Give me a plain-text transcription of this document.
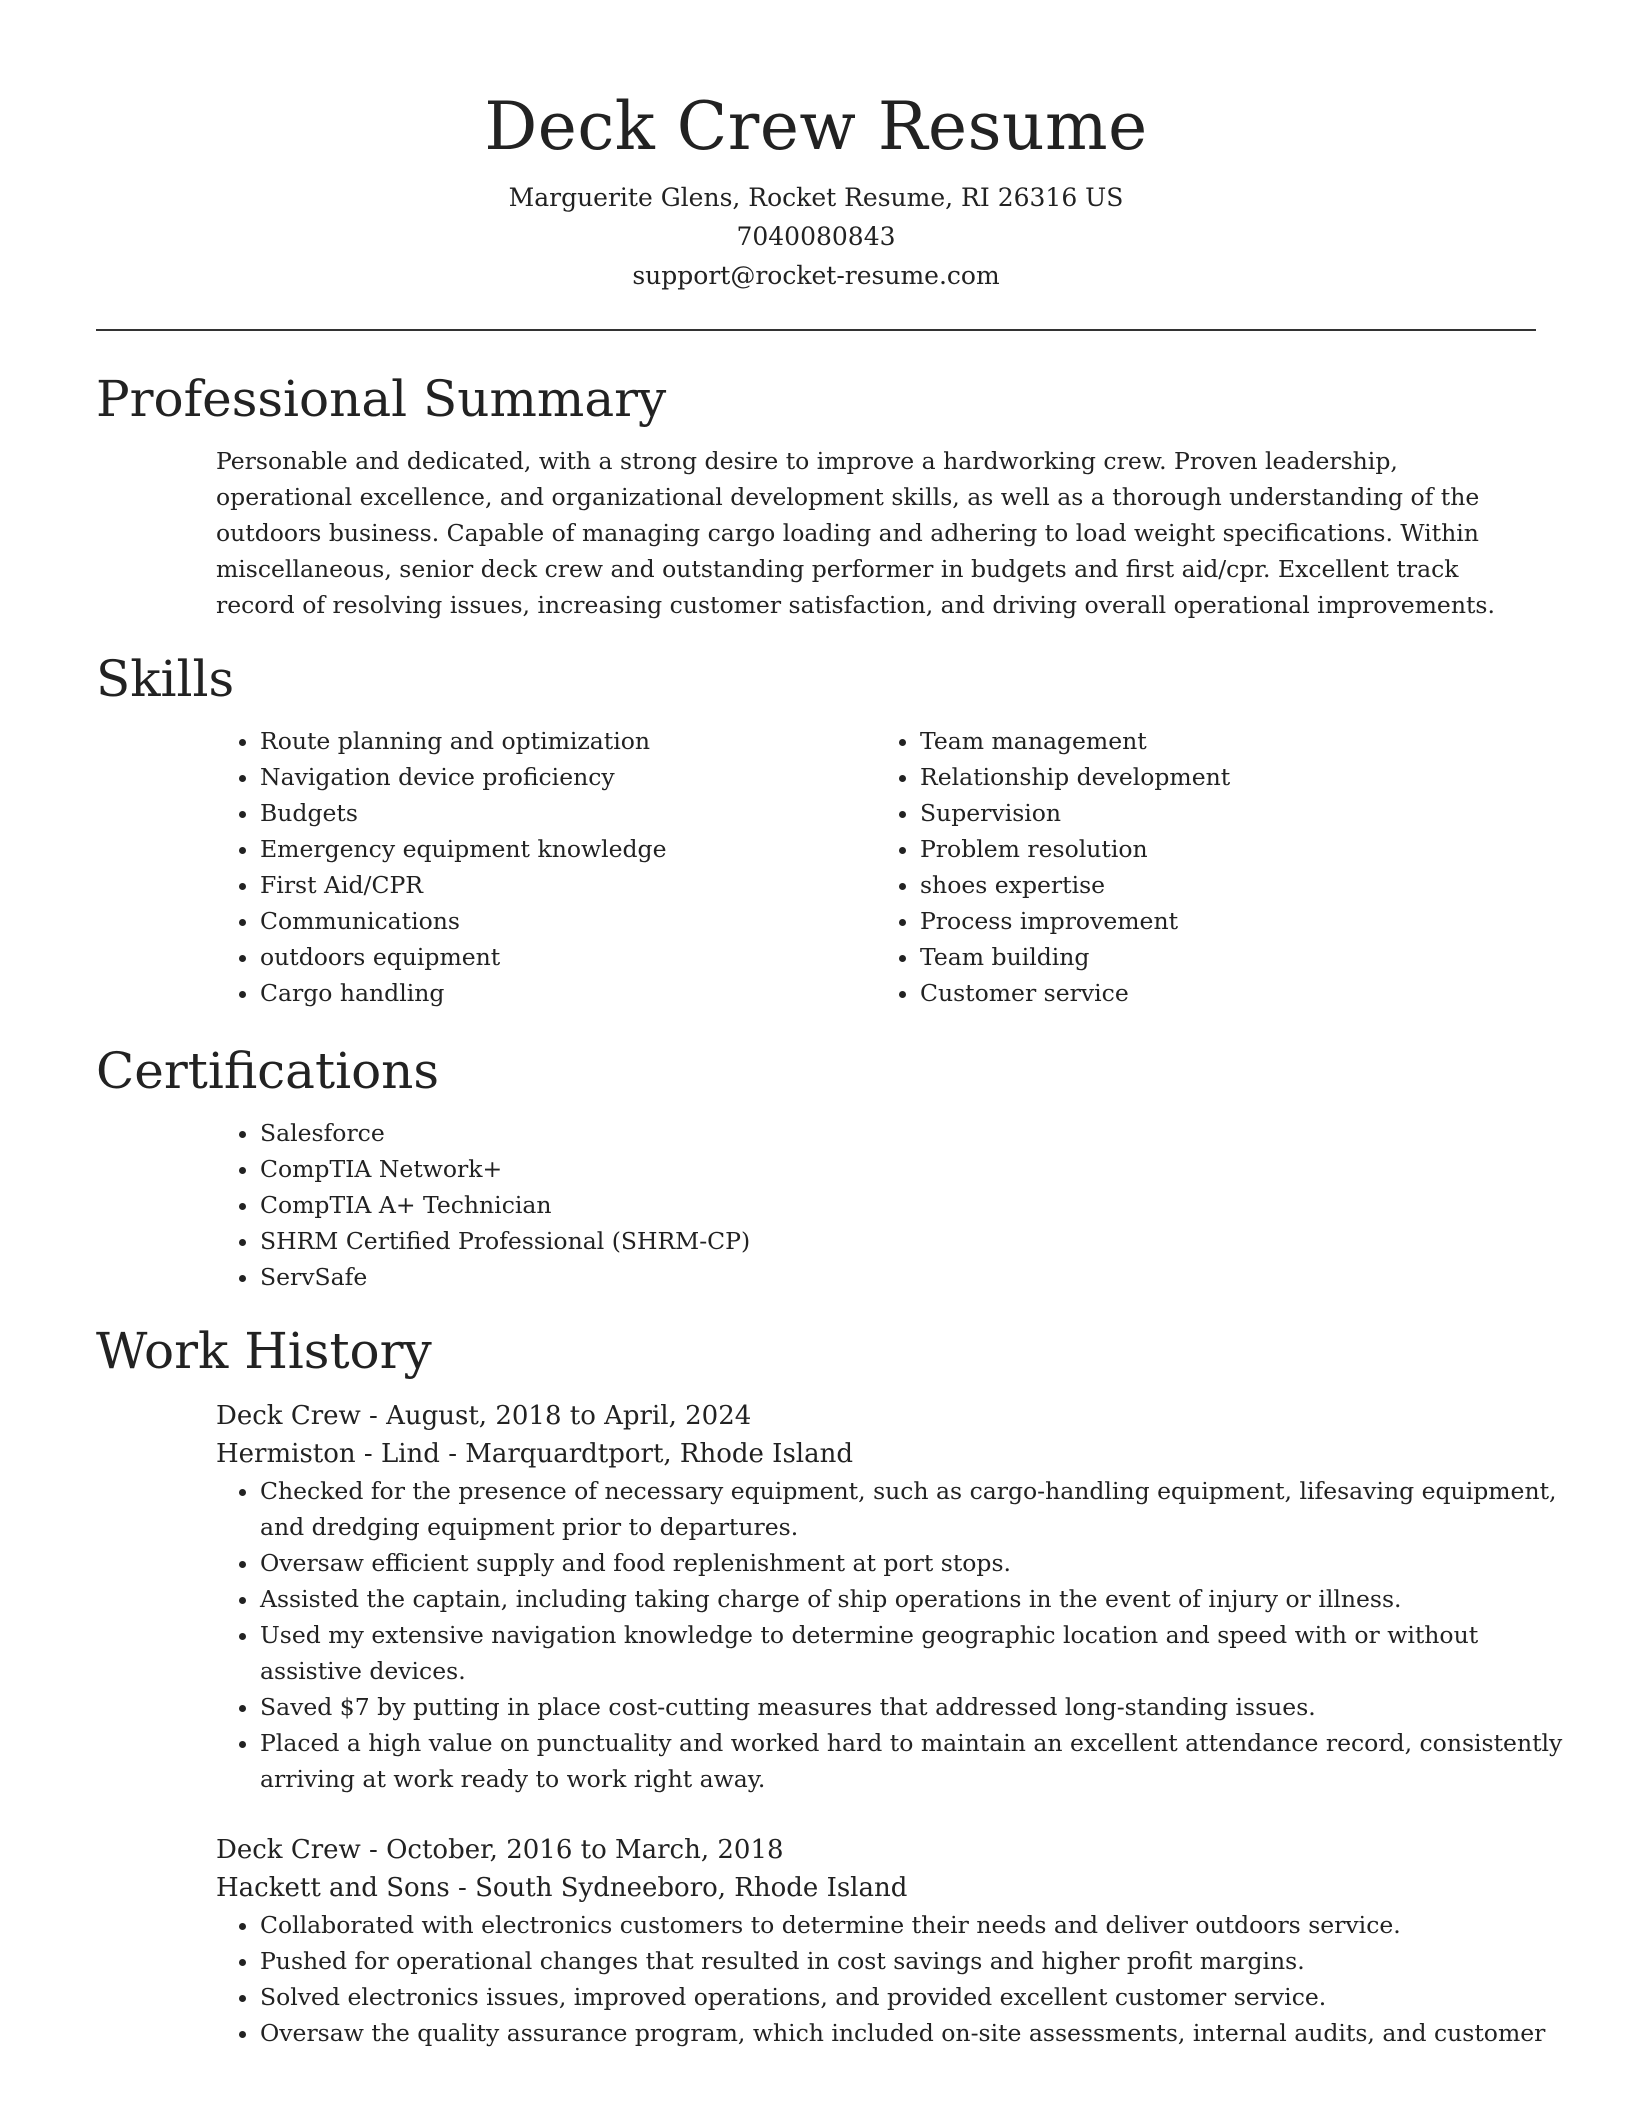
Deck Crew Resume
Marguerite Glens, Rocket Resume, RI 26316 US
7040080843
support@rocket-resume.com
Professional Summary
Personable and dedicated, with a strong desire to improve a hardworking crew. Proven leadership, operational excellence, and organizational development skills, as well as a thorough understanding of the outdoors business. Capable of managing cargo loading and adhering to load weight specifications. Within miscellaneous, senior deck crew and outstanding performer in budgets and first aid/cpr. Excellent track record of resolving issues, increasing customer satisfaction, and driving overall operational improvements.
Skills
• Route planning and optimization
• Navigation device proficiency
• Budgets
• Emergency equipment knowledge
• First Aid/CPR
• Communications
• outdoors equipment
• Cargo handling
• Team management
• Relationship development
• Supervision
• Problem resolution
• shoes expertise
• Process improvement
• Team building
• Customer service
Certifications
• Salesforce
• CompTIA Network+
• CompTIA A+ Technician
• SHRM Certified Professional (SHRM-CP)
• ServSafe
Work History
Deck Crew - August, 2018 to April, 2024
Hermiston - Lind - Marquardtport, Rhode Island
• Checked for the presence of necessary equipment, such as cargo-handling equipment, lifesaving equipment, and dredging equipment prior to departures.
• Oversaw efficient supply and food replenishment at port stops.
• Assisted the captain, including taking charge of ship operations in the event of injury or illness.
• Used my extensive navigation knowledge to determine geographic location and speed with or without assistive devices.
• Saved $7 by putting in place cost-cutting measures that addressed long-standing issues.
• Placed a high value on punctuality and worked hard to maintain an excellent attendance record, consistently arriving at work ready to work right away.
Deck Crew - October, 2016 to March, 2018
Hackett and Sons - South Sydneeboro, Rhode Island
• Collaborated with electronics customers to determine their needs and deliver outdoors service.
• Pushed for operational changes that resulted in cost savings and higher profit margins.
• Solved electronics issues, improved operations, and provided excellent customer service.
• Oversaw the quality assurance program, which included on-site assessments, internal audits, and customer
